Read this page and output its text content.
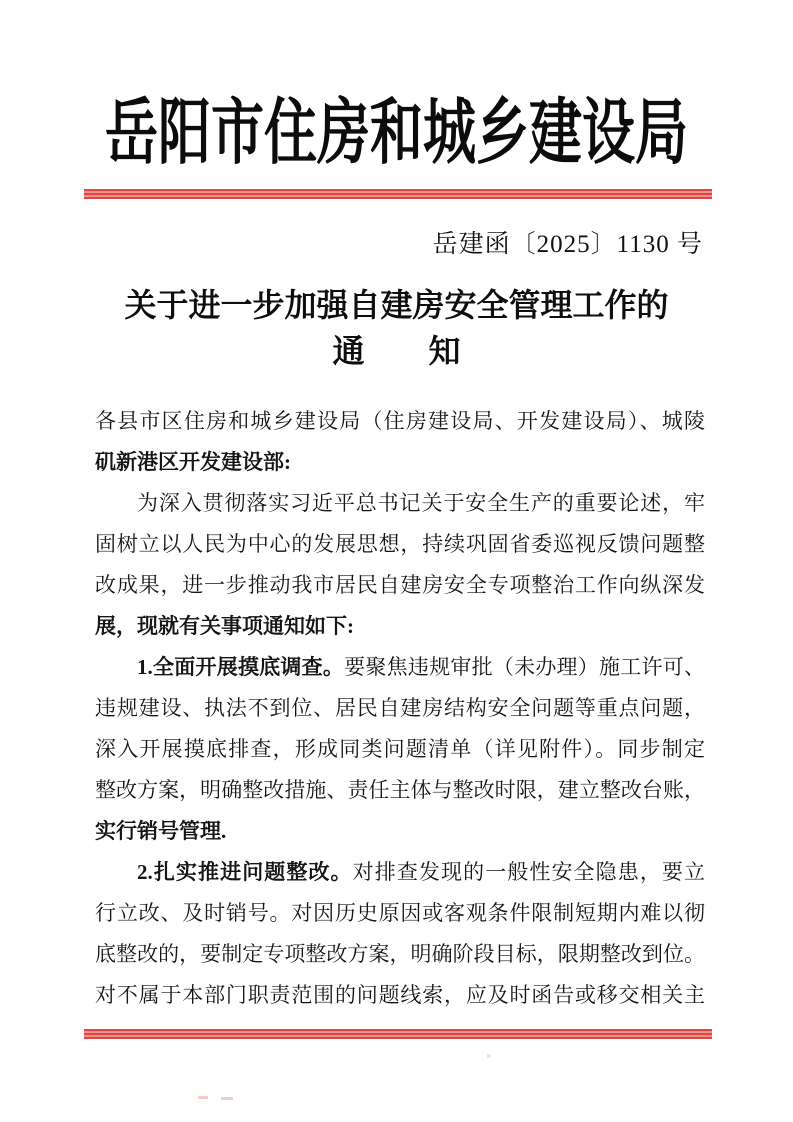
岳阳市住房和城乡建设局
岳建函〔2025〕1130 号
关于进一步加强自建房安全管理工作的
通　　知
各县市区住房和城乡建设局（住房建设局、开发建设局）、城陵
矶新港区开发建设部:
为深入贯彻落实习近平总书记关于安全生产的重要论述，牢
固树立以人民为中心的发展思想，持续巩固省委巡视反馈问题整
改成果，进一步推动我市居民自建房安全专项整治工作向纵深发
展，现就有关事项通知如下:
1.全面开展摸底调查。要聚焦违规审批（未办理）施工许可、
违规建设、执法不到位、居民自建房结构安全问题等重点问题，
深入开展摸底排查，形成同类问题清单（详见附件）。同步制定
整改方案，明确整改措施、责任主体与整改时限，建立整改台账，
实行销号管理.
2.扎实推进问题整改。对排查发现的一般性安全隐患，要立
行立改、及时销号。对因历史原因或客观条件限制短期内难以彻
底整改的，要制定专项整改方案，明确阶段目标，限期整改到位。
对不属于本部门职责范围的问题线索，应及时函告或移交相关主
